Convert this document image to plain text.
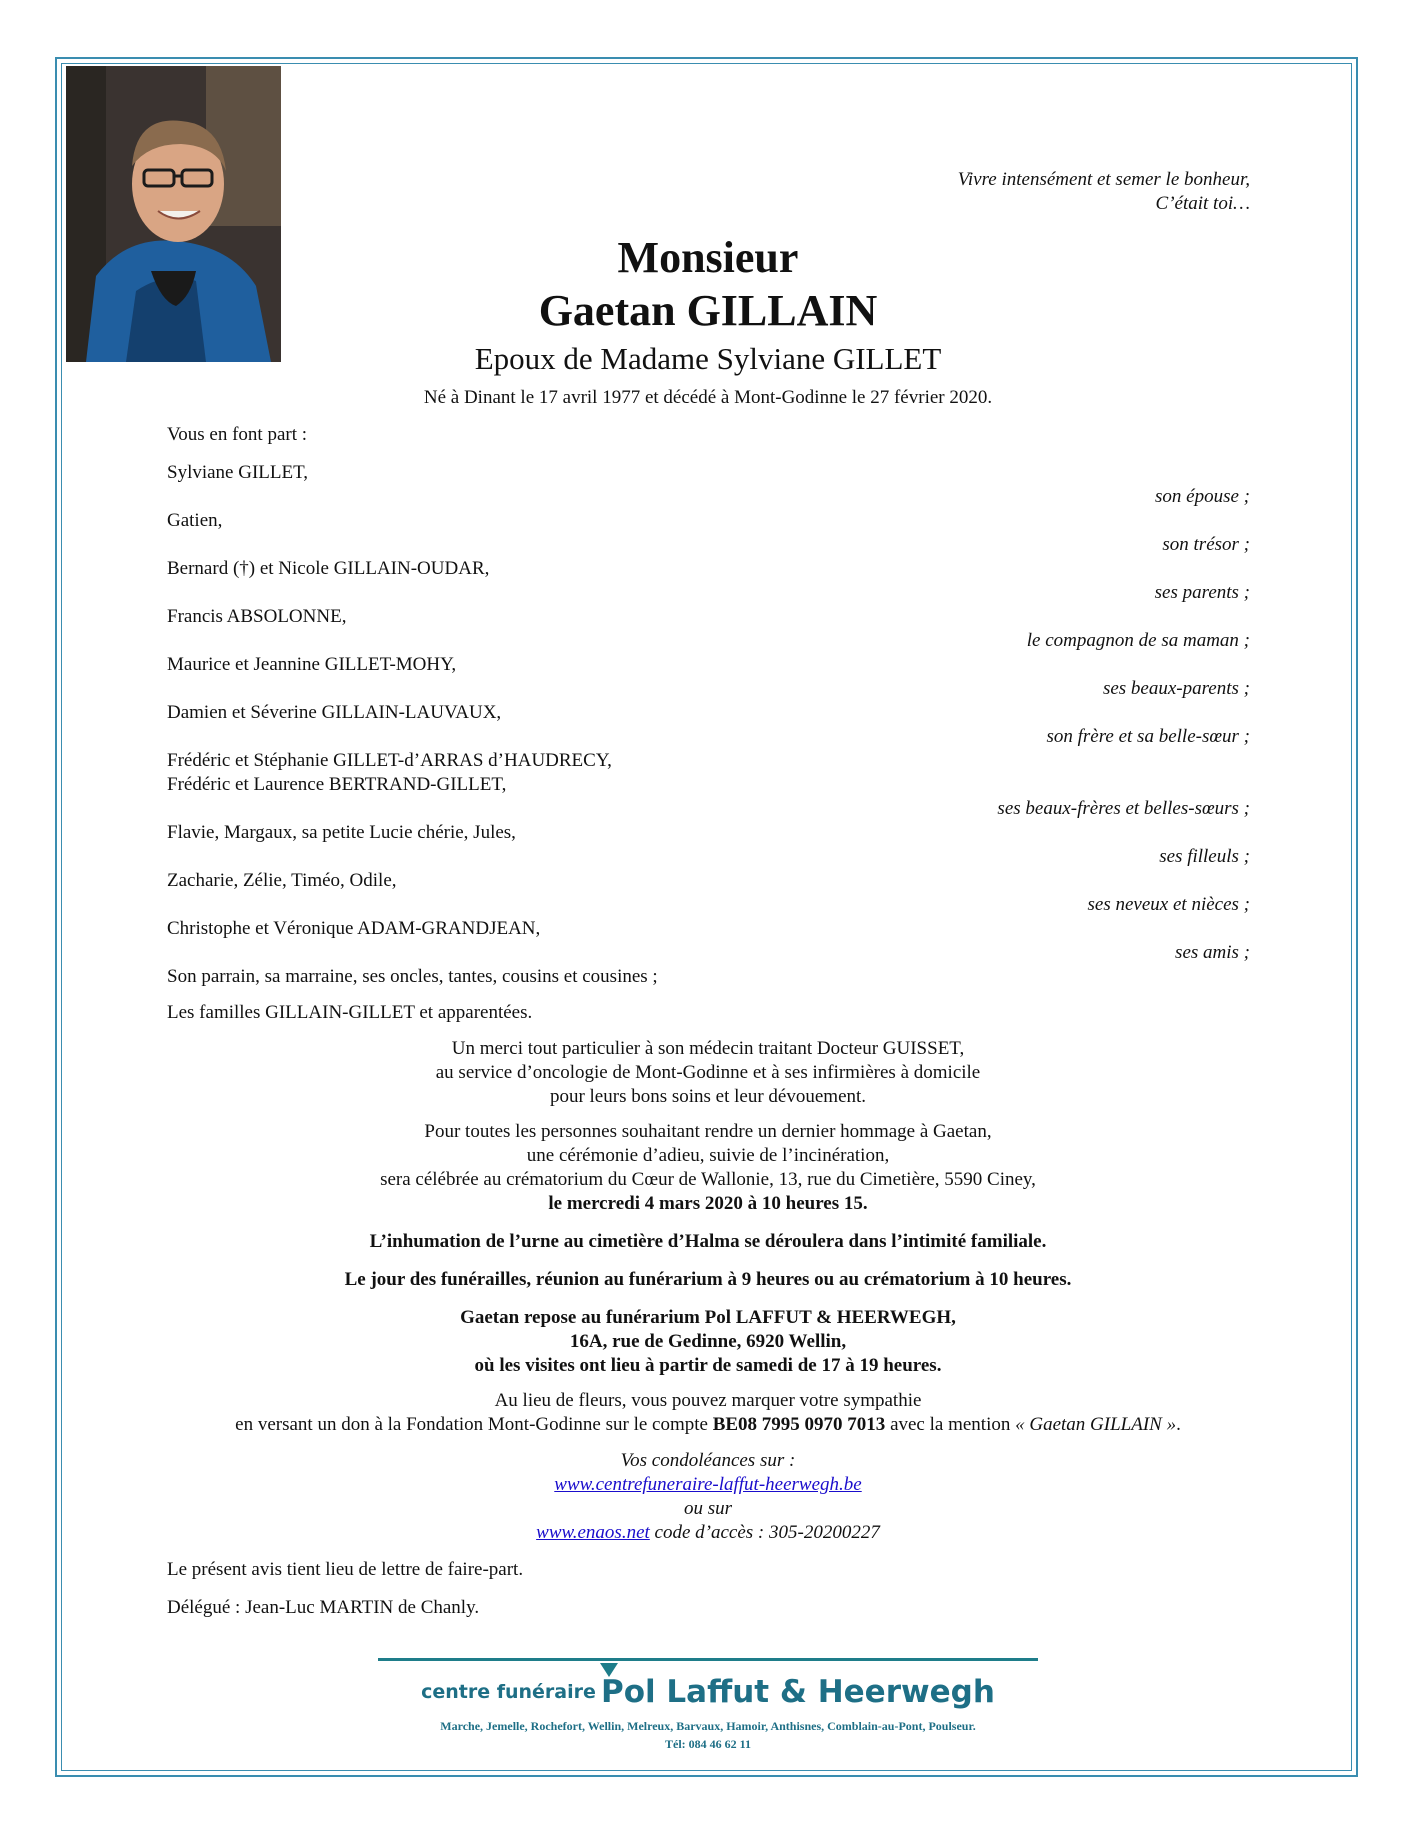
Vivre intensément et semer le bonheur,
C’était toi…
Monsieur
Gaetan GILLAIN
Epoux de Madame Sylviane GILLET
Né à Dinant le 17 avril 1977 et décédé à Mont-Godinne le 27 février 2020.
Vous en font part :
Sylviane GILLET,
son épouse ;
Gatien,
son trésor ;
Bernard (†) et Nicole GILLAIN-OUDAR,
ses parents ;
Francis ABSOLONNE,
le compagnon de sa maman ;
Maurice et Jeannine GILLET-MOHY,
ses beaux-parents ;
Damien et Séverine GILLAIN-LAUVAUX,
son frère et sa belle-sœur ;
Frédéric et Stéphanie GILLET-d’ARRAS d’HAUDRECY,
Frédéric et Laurence BERTRAND-GILLET,
ses beaux-frères et belles-sœurs ;
Flavie, Margaux, sa petite Lucie chérie, Jules,
ses filleuls ;
Zacharie, Zélie, Timéo, Odile,
ses neveux et nièces ;
Christophe et Véronique ADAM-GRANDJEAN,
ses amis ;
Son parrain, sa marraine, ses oncles, tantes, cousins et cousines ;
Les familles GILLAIN-GILLET et apparentées.
Un merci tout particulier à son médecin traitant Docteur GUISSET,
au service d’oncologie de Mont-Godinne et à ses infirmières à domicile
pour leurs bons soins et leur dévouement.
Pour toutes les personnes souhaitant rendre un dernier hommage à Gaetan,
une cérémonie d’adieu, suivie de l’incinération,
sera célébrée au crématorium du Cœur de Wallonie, 13, rue du Cimetière, 5590 Ciney,
le mercredi 4 mars 2020 à 10 heures 15.
L’inhumation de l’urne au cimetière d’Halma se déroulera dans l’intimité familiale.
Le jour des funérailles, réunion au funérarium à 9 heures ou au crématorium à 10 heures.
Gaetan repose au funérarium Pol LAFFUT & HEERWEGH,
16A, rue de Gedinne, 6920 Wellin,
où les visites ont lieu à partir de samedi de 17 à 19 heures.
Au lieu de fleurs, vous pouvez marquer votre sympathie
en versant un don à la Fondation Mont-Godinne sur le compte BE08 7995 0970 7013 avec la mention « Gaetan GILLAIN ».
Vos condoléances sur :
www.centrefuneraire-laffut-heerwegh.be
ou sur
www.enaos.net code d’accès : 305-20200227
Le présent avis tient lieu de lettre de faire-part.
Délégué : Jean-Luc MARTIN de Chanly.
centre funéraire Pol Laffut & Heerwegh
Marche, Jemelle, Rochefort, Wellin, Melreux, Barvaux, Hamoir, Anthisnes, Comblain-au-Pont, Poulseur.
Tél: 084 46 62 11
